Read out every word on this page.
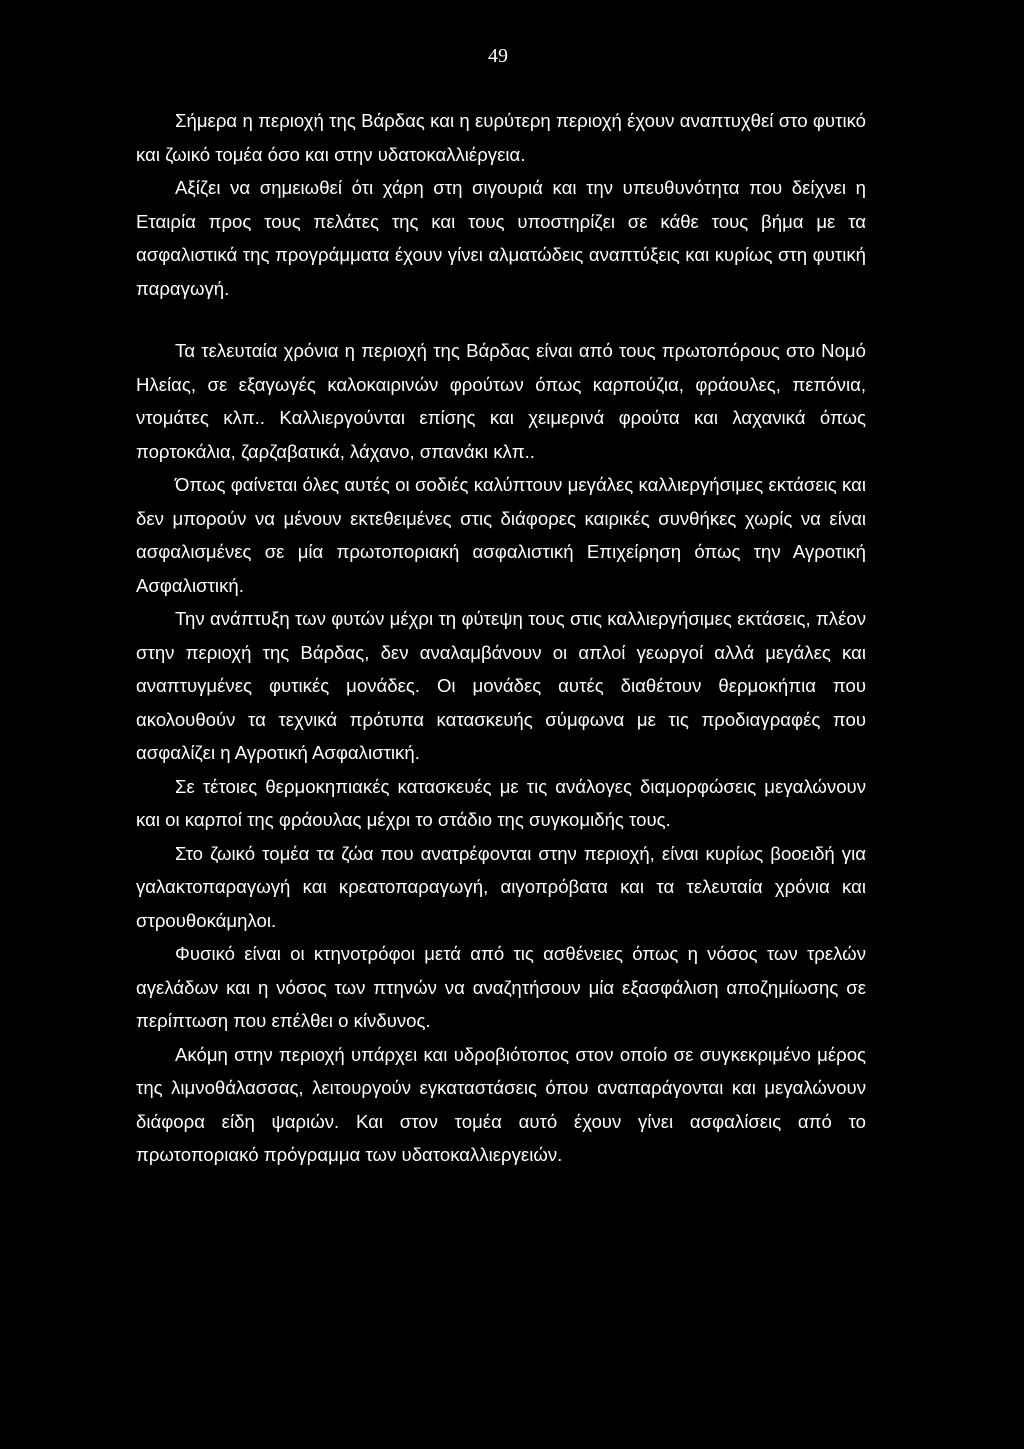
49

Σήμερα η περιοχή της Βάρδας και η ευρύτερη περιοχή έχουν αναπτυχθεί στο φυτικό και ζωικό τομέα όσο και στην υδατοκαλλιέργεια.

Αξίζει να σημειωθεί ότι χάρη στη σιγουριά και την υπευθυνότητα που δείχνει η Εταιρία προς τους πελάτες της και τους υποστηρίζει σε κάθε τους βήμα με τα ασφαλιστικά της προγράμματα έχουν γίνει αλματώδεις αναπτύξεις και κυρίως στη φυτική παραγωγή.

Τα τελευταία χρόνια η περιοχή της Βάρδας είναι από τους πρωτοπόρους στο Νομό Ηλείας, σε εξαγωγές καλοκαιρινών φρούτων όπως καρπούζια, φράουλες, πεπόνια, ντομάτες κλπ.. Καλλιεργούνται επίσης και χειμερινά φρούτα και λαχανικά όπως πορτοκάλια, ζαρζαβατικά, λάχανο, σπανάκι κλπ..

Όπως φαίνεται όλες αυτές οι σοδιές καλύπτουν μεγάλες καλλιεργήσιμες εκτάσεις και δεν μπορούν να μένουν εκτεθειμένες στις διάφορες καιρικές συνθήκες χωρίς να είναι ασφαλισμένες σε μία πρωτοποριακή ασφαλιστική Επιχείρηση όπως την Αγροτική Ασφαλιστική.

Την ανάπτυξη των φυτών μέχρι τη φύτεψη τους στις καλλιεργήσιμες εκτάσεις, πλέον στην περιοχή της Βάρδας, δεν αναλαμβάνουν οι απλοί γεωργοί αλλά μεγάλες και αναπτυγμένες φυτικές μονάδες. Οι μονάδες αυτές διαθέτουν θερμοκήπια που ακολουθούν τα τεχνικά πρότυπα κατασκευής σύμφωνα με τις προδιαγραφές που ασφαλίζει η Αγροτική Ασφαλιστική.

Σε τέτοιες θερμοκηπιακές κατασκευές με τις ανάλογες διαμορφώσεις μεγαλώνουν και οι καρποί της φράουλας μέχρι το στάδιο της συγκομιδής τους.

Στο ζωικό τομέα τα ζώα που ανατρέφονται στην περιοχή, είναι κυρίως βοοειδή για γαλακτοπαραγωγή και κρεατοπαραγωγή, αιγοπρόβατα και τα τελευταία χρόνια και στρουθοκάμηλοι.

Φυσικό είναι οι κτηνοτρόφοι μετά από τις ασθένειες όπως η νόσος των τρελών αγελάδων και η νόσος των πτηνών να αναζητήσουν μία εξασφάλιση αποζημίωσης σε περίπτωση που επέλθει ο κίνδυνος.

Ακόμη στην περιοχή υπάρχει και υδροβιότοπος στον οποίο σε συγκεκριμένο μέρος της λιμνοθάλασσας, λειτουργούν εγκαταστάσεις όπου αναπαράγονται και μεγαλώνουν διάφορα είδη ψαριών. Και στον τομέα αυτό έχουν γίνει ασφαλίσεις από το πρωτοποριακό πρόγραμμα των υδατοκαλλιεργειών.
